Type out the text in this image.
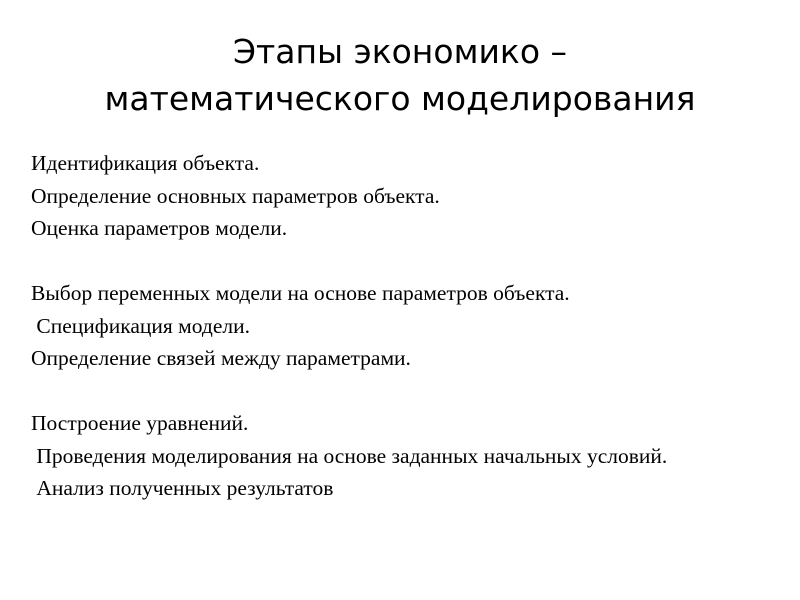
Этапы экономико –
математического моделирования
Идентификация объекта.
Определение основных параметров объекта.
Оценка параметров модели.
Выбор переменных модели на основе параметров объекта.
Спецификация модели.
Определение связей между параметрами.
Построение уравнений.
Проведения моделирования на основе заданных начальных условий.
Анализ полученных результатов
